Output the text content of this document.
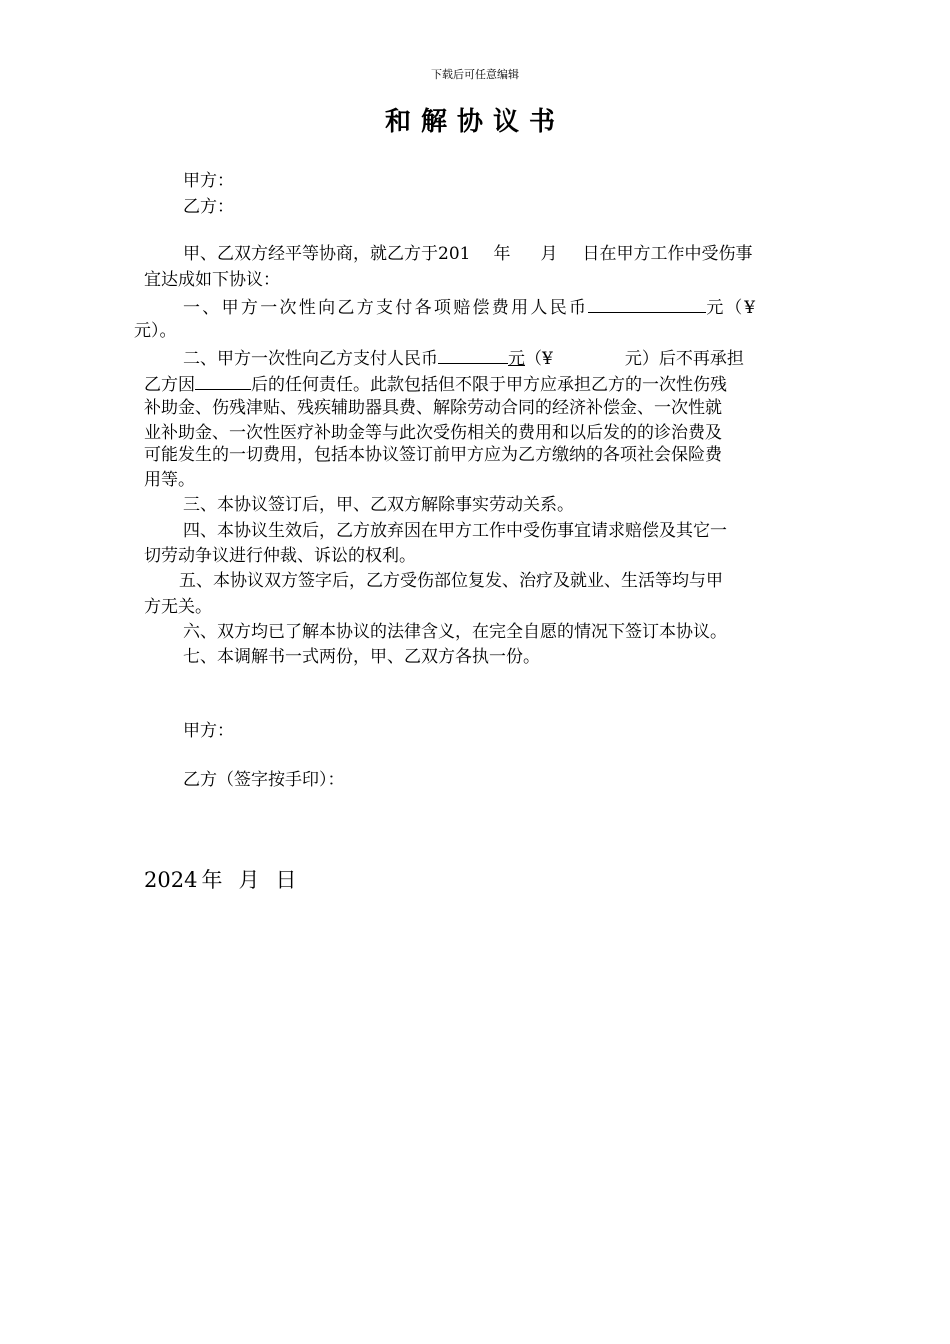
下载后可任意编辑
和解协议书
甲方：
乙方：
甲、乙双方经平等协商，就乙方于201 年 月 日在甲方工作中受伤事
宜达成如下协议：
一、甲方一次性向乙方支付各项赔偿费用人民币	元（¥
元）。
二、甲方一次性向乙方支付人民币	元（¥	元）后不再承担
乙方因	后的任何责任。此款包括但不限于甲方应承担乙方的一次性伤残
补助金、伤残津贴、残疾辅助器具费、解除劳动合同的经济补偿金、一次性就
业补助金、一次性医疗补助金等与此次受伤相关的费用和以后发的的诊治费及
可能发生的一切费用，包括本协议签订前甲方应为乙方缴纳的各项社会保险费
用等。
三、本协议签订后，甲、乙双方解除事实劳动关系。
四、本协议生效后，乙方放弃因在甲方工作中受伤事宜请求赔偿及其它一
切劳动争议进行仲裁、诉讼的权利。
五、本协议双方签字后，乙方受伤部位复发、治疗及就业、生活等均与甲
方无关。
六、双方均已了解本协议的法律含义，在完全自愿的情况下签订本协议。
七、本调解书一式两份，甲、乙双方各执一份。
甲方：
乙方（签字按手印）：
2024 年 月 日
